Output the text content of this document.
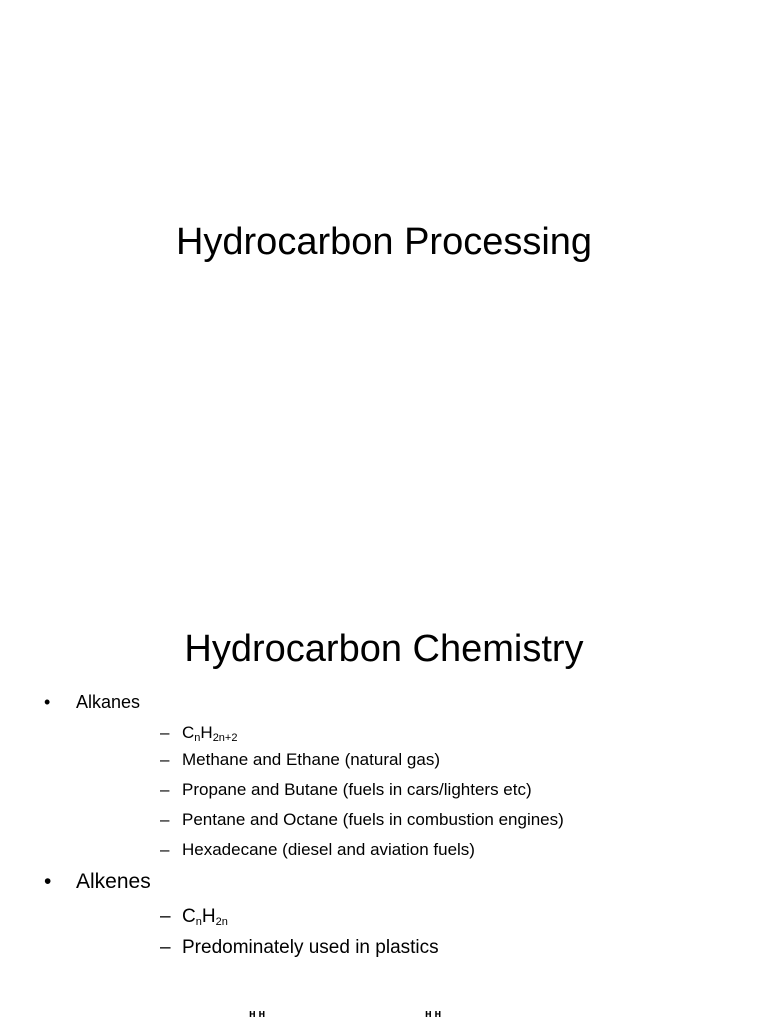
Hydrocarbon Processing
Hydrocarbon Chemistry
• Alkanes
– $C_nH_{2n+2}$
– Methane and Ethane (natural gas)
– Propane and Butane (fuels in cars/lighters etc)
– Pentane and Octane (fuels in combustion engines)
– Hexadecane (diesel and aviation fuels)
• Alkenes
– $C_nH_{2n}$
– Predominately used in plastics
H H	H H
